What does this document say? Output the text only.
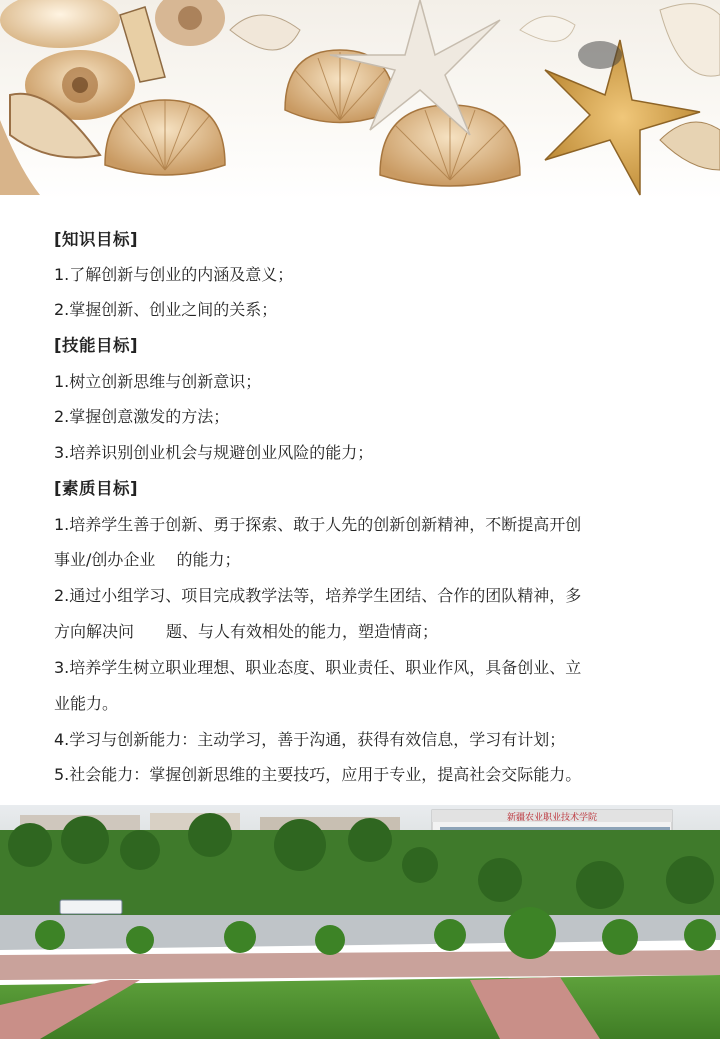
[知识目标]
1.了解创新与创业的内涵及意义；
2.掌握创新、创业之间的关系；
[技能目标]
1.树立创新思维与创新意识；
2.掌握创意激发的方法；
3.培养识别创业机会与规避创业风险的能力；
[素质目标]
1.培养学生善于创新、勇于探索、敢于人先的创新创新精神，不断提高开创
事业/创办企业　 的能力；
2.通过小组学习、项目完成教学法等，培养学生团结、合作的团队精神，多
方向解决问　　题、与人有效相处的能力，塑造情商；
3.培养学生树立职业理想、职业态度、职业责任、职业作风，具备创业、立
业能力。
4.学习与创新能力：主动学习，善于沟通，获得有效信息，学习有计划；
5.社会能力：掌握创新思维的主要技巧，应用于专业，提高社会交际能力。
新疆农业职业技术学院
